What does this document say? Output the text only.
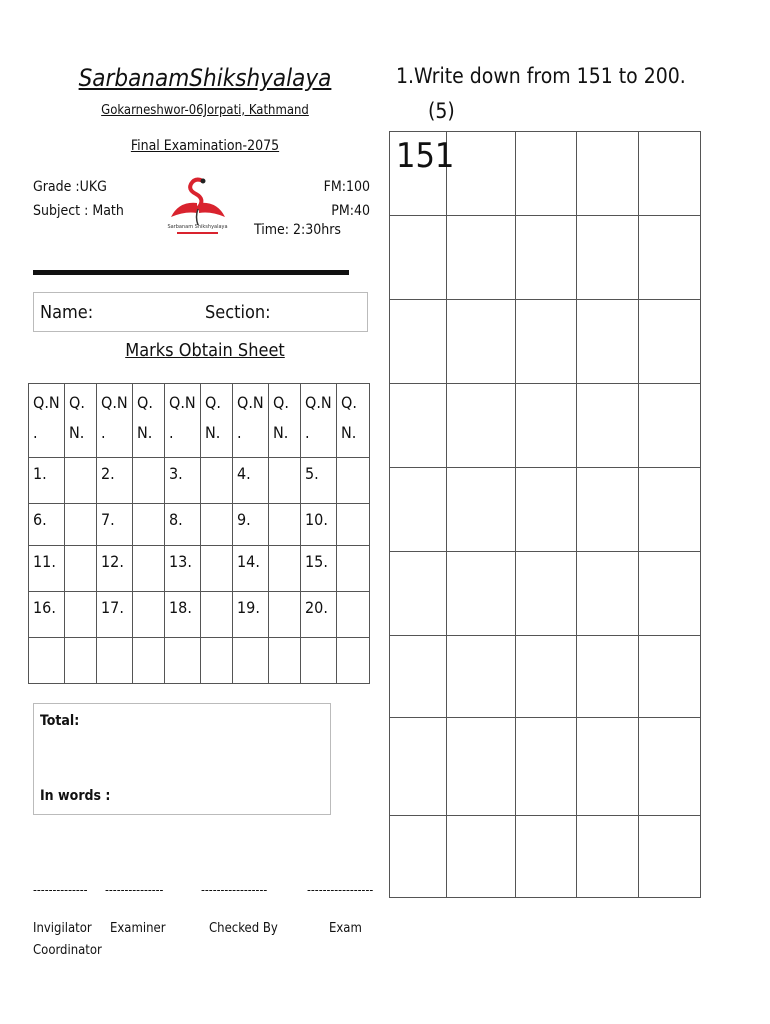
SarbanamShikshyalaya
Gokarneshwor-06Jorpati, Kathmand
Final Examination-2075
Grade :UKG
Subject : Math
FM:100
PM:40
Time: 2:30hrs
Sarbanam Shikshyalaya
Name:	Section:
Marks Obtain Sheet
Q.N .	Q. N.	Q.N .	Q. N.	Q.N .	Q. N.	Q.N .	Q. N.	Q.N .	Q. N.
1.		2.		3.		4.		5.	
6.		7.		8.		9.		10.	
11.		12.		13.		14.		15.	
16.		17.		18.		19.		20.	

Total:
In words :
-------------- ---------------	-----------------	-----------------
Invigilator
Coordinator
Examiner	Checked By	Exam
1.Write down from 151 to 200.
(5)
151				
